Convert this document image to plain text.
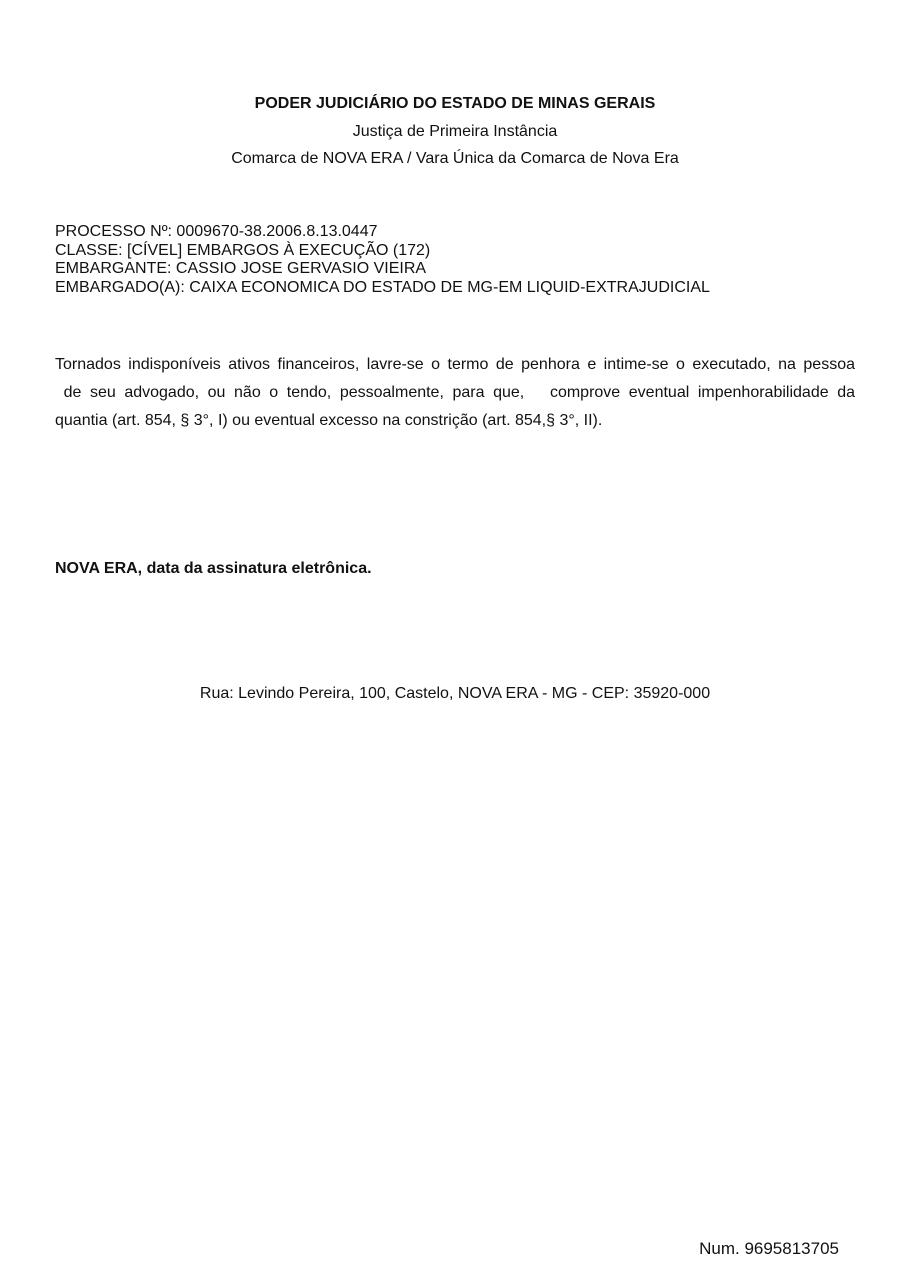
PODER JUDICIÁRIO DO ESTADO DE MINAS GERAIS
Justiça de Primeira Instância
Comarca de NOVA ERA / Vara Única da Comarca de Nova Era
PROCESSO Nº: 0009670-38.2006.8.13.0447
CLASSE: [CÍVEL] EMBARGOS À EXECUÇÃO (172)
EMBARGANTE: CASSIO JOSE GERVASIO VIEIRA
EMBARGADO(A): CAIXA ECONOMICA DO ESTADO DE MG-EM LIQUID-EXTRAJUDICIAL
Tornados indisponíveis ativos financeiros, lavre-se o termo de penhora e intime-se o executado, na pessoa
de seu advogado, ou não o tendo, pessoalmente, para que,   comprove eventual impenhorabilidade da
quantia (art. 854, § 3°, I) ou eventual excesso na constrição (art. 854,§ 3°, II).
NOVA ERA, data da assinatura eletrônica.
Rua: Levindo Pereira, 100, Castelo, NOVA ERA - MG - CEP: 35920-000
Num. 9695813705
